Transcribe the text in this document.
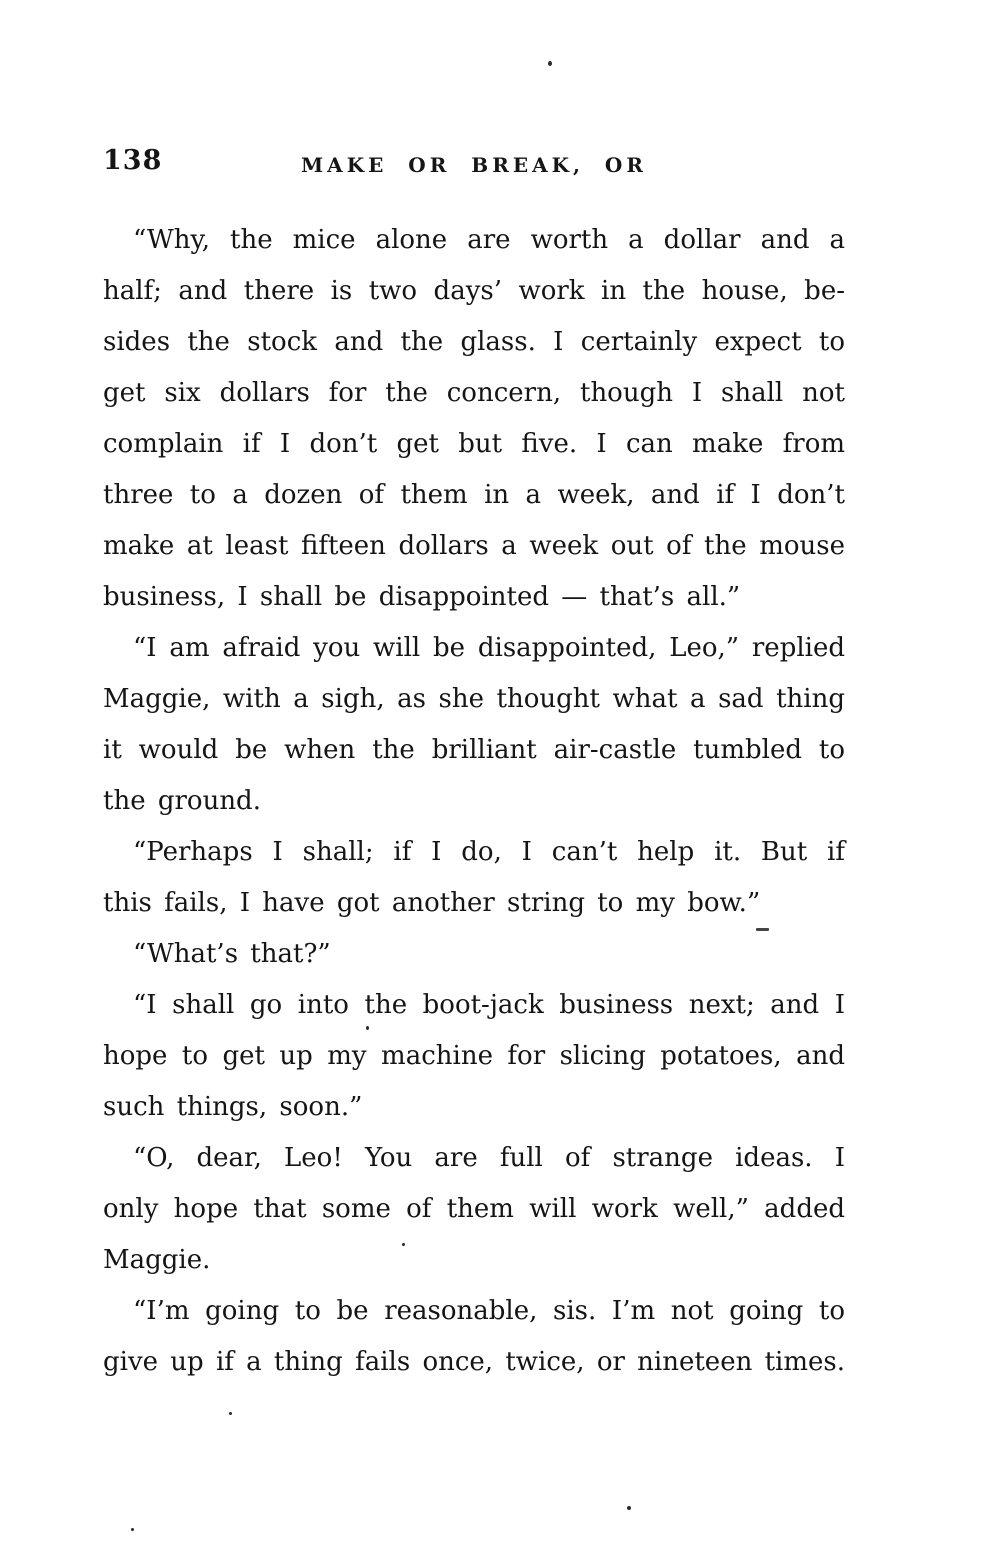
138	MAKE OR BREAK, OR
“Why, the mice alone are worth a dollar and a
half; and there is two days’ work in the house, be-
sides the stock and the glass. I certainly expect to
get six dollars for the concern, though I shall not
complain if I don’t get but five. I can make from
three to a dozen of them in a week, and if I don’t
make at least fifteen dollars a week out of the mouse
business, I shall be disappointed — that’s all.”
“I am afraid you will be disappointed, Leo,” replied
Maggie, with a sigh, as she thought what a sad thing
it would be when the brilliant air-castle tumbled to
the ground.
“Perhaps I shall; if I do, I can’t help it. But if
this fails, I have got another string to my bow.”
“What’s that?”
“I shall go into the boot-jack business next; and I
hope to get up my machine for slicing potatoes, and
such things, soon.”
“O, dear, Leo! You are full of strange ideas. I
only hope that some of them will work well,” added
Maggie.
“I’m going to be reasonable, sis. I’m not going to
give up if a thing fails once, twice, or nineteen times.
